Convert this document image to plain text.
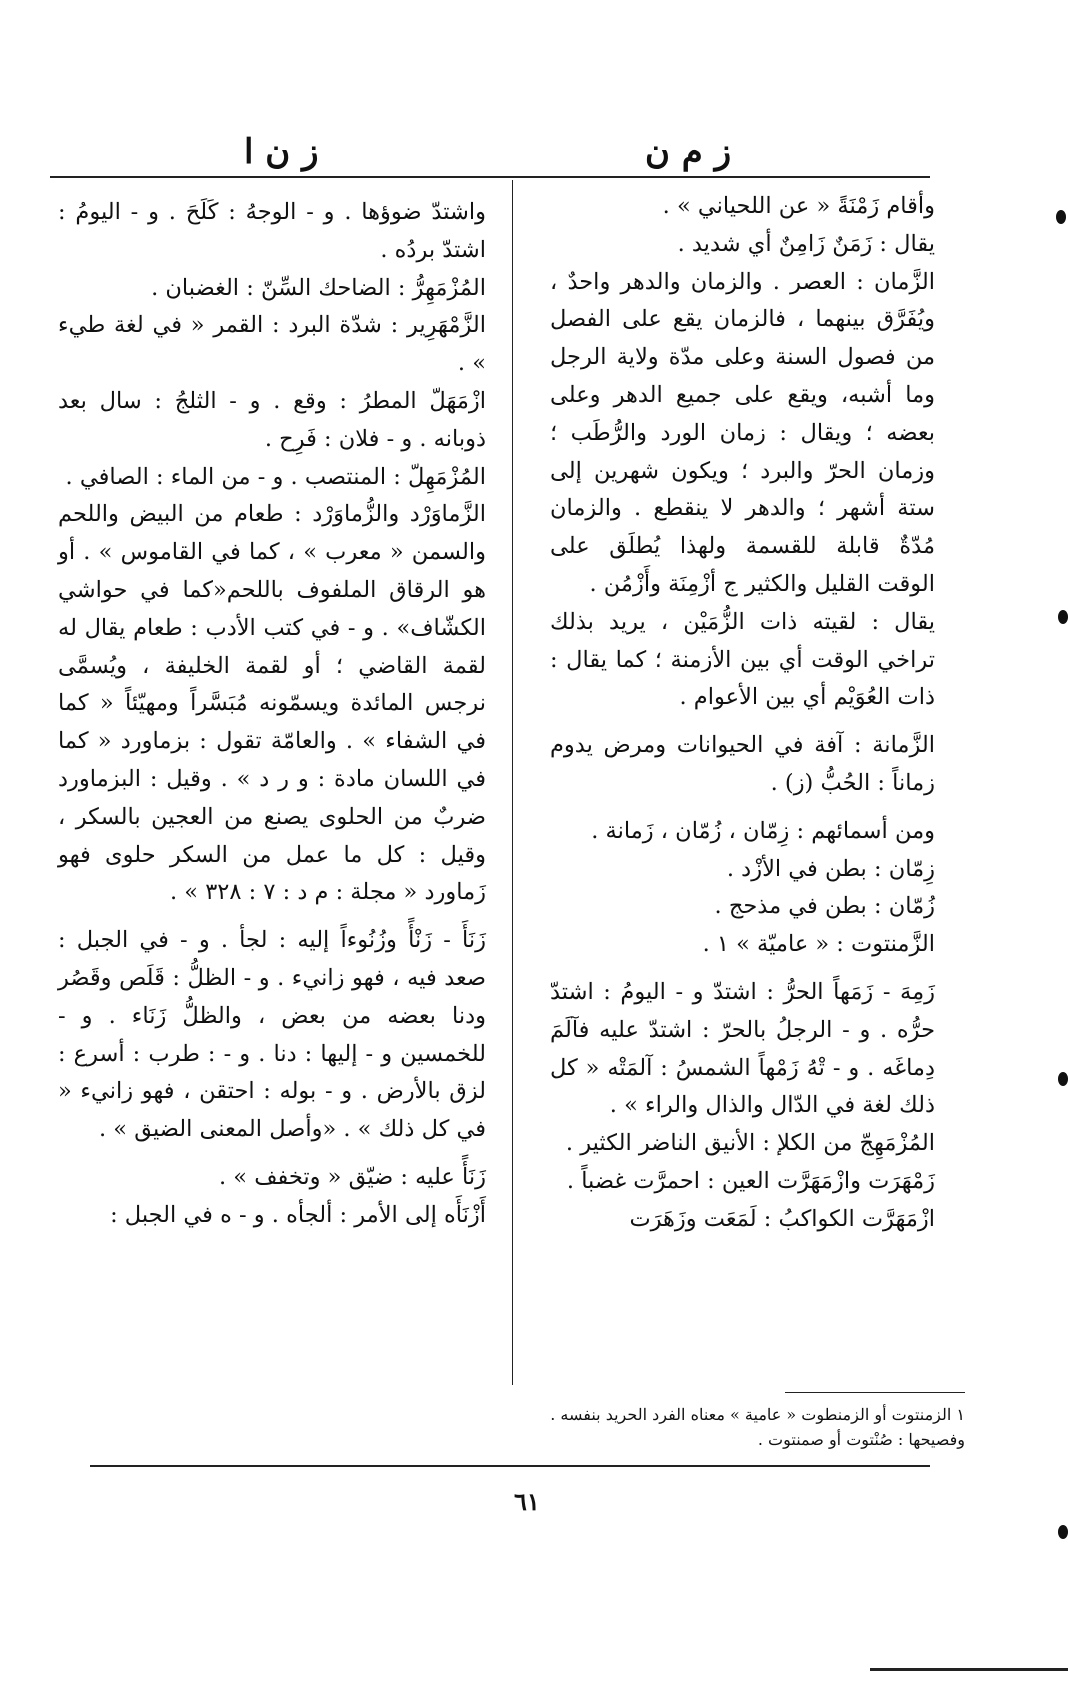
ز م ن
ز ن ا

وأقام زَمْنَةً « عن اللحياني » .

يقال : زَمَنٌ زَامِنٌ أي شديد .

الزَّمان : العصر . والزمان والدهر واحدٌ ، ويُفَرَّق بينهما ، فالزمان يقع على الفصل من فصول السنة وعلى مدّة ولاية الرجل وما أشبه، ويقع على جميع الدهر وعلى بعضه ؛ ويقال : زمان الورد والرُّطَب ؛ وزمان الحرّ والبرد ؛ ويكون شهرين إلى ستة أشهر ؛ والدهر لا ينقطع . والزمان مُدّةٌ قابلة للقسمة ولهذا يُطلَق على الوقت القليل والكثير ج أزْمِنَة وأَزْمُن .

يقال : لقيته ذات الزُّمَيْن ، يريد بذلك تراخي الوقت أي بين الأزمنة ؛ كما يقال : ذات العُوَيْم أي بين الأعوام .

الزَّمانة : آفة في الحيوانات ومرض يدوم زماناً : الحُبُّ (ز) .

ومن أسمائهم : زِمّان ، زُمّان ، زَمانة .

زِمّان : بطن في الأزْد .

زُمّان : بطن في مذحج .

الزَّمنتوت : « عاميّة » ١ .

زَمِهَ - زَمَهاً الحرُّ : اشتدّ و - اليومُ : اشتدّ حرُّه . و - الرجلُ بالحرّ : اشتدّ عليه فآلَمَ دِماغَه . و - تْهُ زَمْهاً الشمسُ : آلمَتْه « كل ذلك لغة في الدّال والذال والراء » .

المُزْمَهِجّ من الكلإ : الأنيق الناضر الكثير .

زَمْهَرَت وازْمَهَرَّت العين : احمرَّت غضباً .

ازْمَهَرَّت الكواكبُ : لَمَعَت وزَهَرَت

١ الزمنتوت أو الزمنطوت « عامية » معناه الفرد الحريد بنفسه . وفصيحها : صُنْتوت أو صمنتوت .

واشتدّ ضوؤها . و - الوجهُ : كَلَحَ . و - اليومُ : اشتدّ بردُه .

المُزْمَهِرُّ : الضاحك السِّنّ : الغضبان .

الزَّمْهَرِير : شدّة البرد : القمر « في لغة طيء » .

ازْمَهَلّ المطرُ : وقع . و - الثلجُ : سال بعد ذوبانه . و - فلان : فَرِح .

المُزْمَهِلّ : المنتصب . و - من الماء : الصافي .

الزَّماوَرْد والزُّماوَرْد : طعام من البيض واللحم والسمن « معرب » ، كما في القاموس » . أو هو الرقاق الملفوف باللحم«كما في حواشي الكشّاف» . و - في كتب الأدب : طعام يقال له لقمة القاضي ؛ أو لقمة الخليفة ، ويُسمَّى نرجس المائدة ويسمّونه مُبَسَّراً ومهيّئاً « كما في الشفاء » . والعامّة تقول : بزماورد « كما في اللسان مادة : و ر د » . وقيل : البزماورد ضربٌ من الحلوى يصنع من العجين بالسكر ، وقيل : كل ما عمل من السكر حلوى فهو زَماورد « مجلة : م د : ٧ : ٣٢٨ » .

زَنَأَ - زَنْأً وزُنُوءاً إليه : لجأ . و - في الجبل : صعد فيه ، فهو زانيء . و - الظلُّ : قَلَص وقَصُر ودنا بعضه من بعض ، والظلُّ زَنَاء . و - للخمسين و - إليها : دنا . و - : طرب : أسرع : لزق بالأرض . و - بوله : احتقن ، فهو زانيء « في كل ذلك » . «وأصل المعنى الضيق » .

زَنَأً عليه : ضيّق « وتخفف » .

أَزْنَأَه إلى الأمر : ألجأه . و - ه في الجبل :

٦١
